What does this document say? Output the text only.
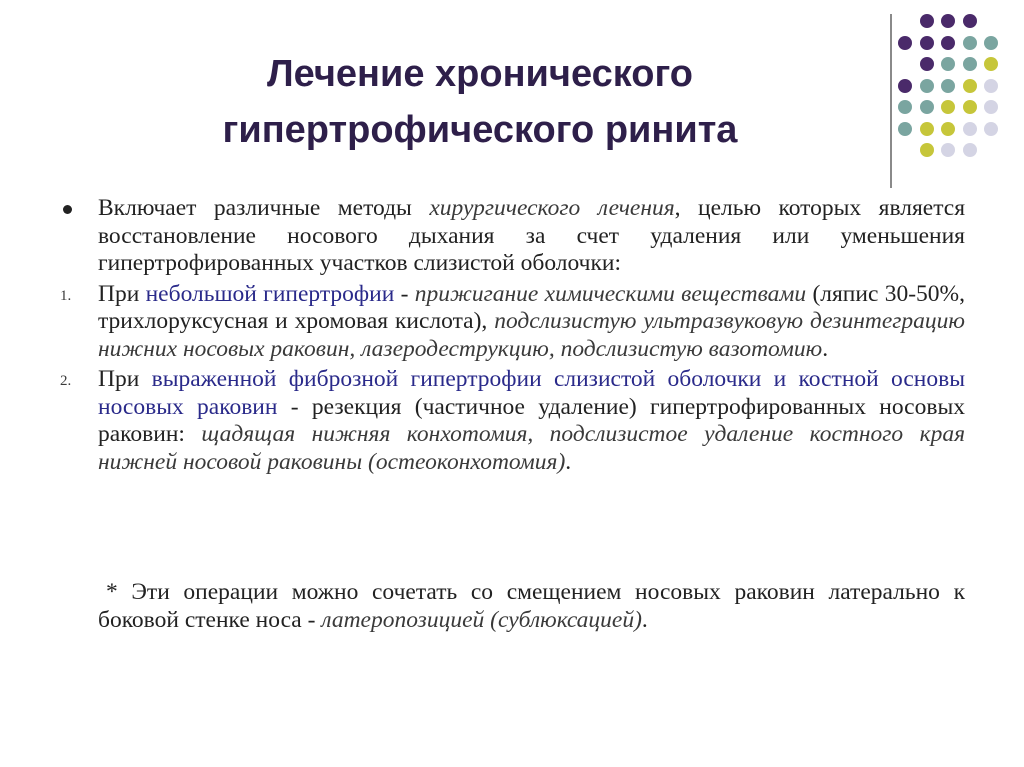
Лечение хронического
гипертрофического ринита
Включает различные методы хирургического лечения, целью которых является восстановление носового дыхания за счет удаления или уменьшения гипертрофированных участков слизистой оболочки:
1. При небольшой гипертрофии - прижигание химическими веществами (ляпис 30-50%, трихлоруксусная и хромовая кислота), подслизистую ультразвуковую дезинтеграцию нижних носовых раковин, лазеродеструкцию, подслизистую вазотомию.
2. При выраженной фиброзной гипертрофии слизистой оболочки и костной основы носовых раковин - резекция (частичное удаление) гипертрофированных носовых раковин: щадящая нижняя конхотомия, подслизистое удаление костного края нижней носовой раковины (остеоконхотомия).
* Эти операции можно сочетать со смещением носовых раковин латерально к боковой стенке носа - латеропозицией (сублюксацией).
